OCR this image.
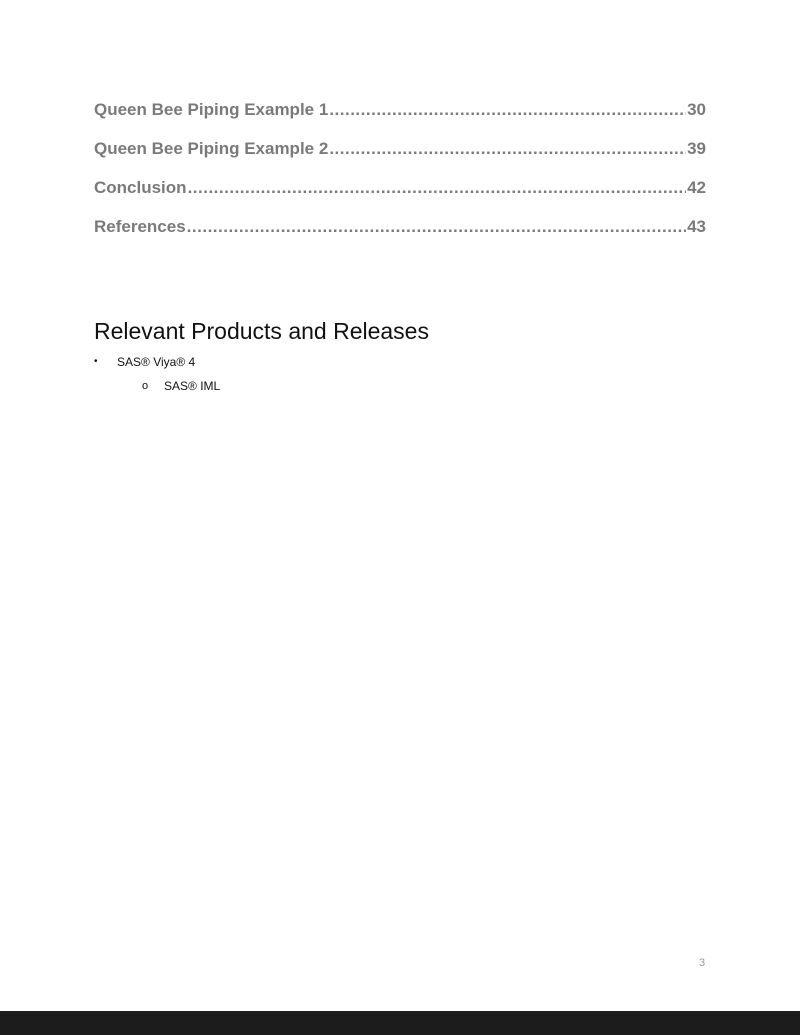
Queen Bee Piping Example 1 .....	30
Queen Bee Piping Example 2 .....	39
Conclusion .....	42
References .....	43
Relevant Products and Releases
•	SAS® Viya® 4
o	SAS® IML
3
